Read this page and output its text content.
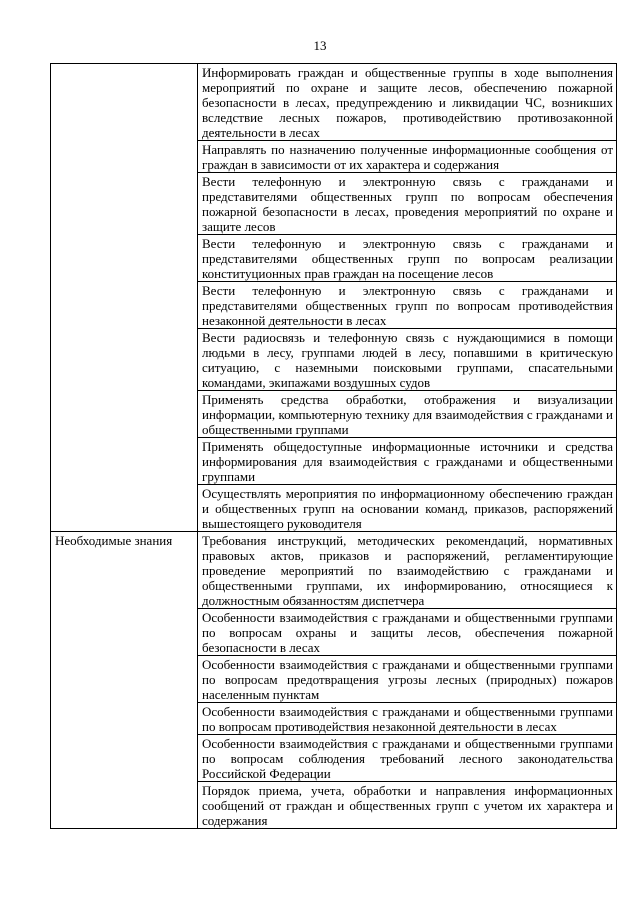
13
	Информировать граждан и общественные группы в ходе выполнения мероприятий по охране и защите лесов, обеспечению пожарной безопасности в лесах, предупреждению и ликвидации ЧС, возникших вследствие лесных пожаров, противодействию противозаконной деятельности в лесах
	Направлять по назначению полученные информационные сообщения от граждан в зависимости от их характера и содержания
	Вести телефонную и электронную связь с гражданами и представителями общественных групп по вопросам обеспечения пожарной безопасности в лесах, проведения мероприятий по охране и защите лесов
	Вести телефонную и электронную связь с гражданами и представителями общественных групп по вопросам реализации конституционных прав граждан на посещение лесов
	Вести телефонную и электронную связь с гражданами и представителями общественных групп по вопросам противодействия незаконной деятельности в лесах
	Вести радиосвязь и телефонную связь с нуждающимися в помощи людьми в лесу, группами людей в лесу, попавшими в критическую ситуацию, с наземными поисковыми группами, спасательными командами, экипажами воздушных судов
	Применять средства обработки, отображения и визуализации информации, компьютерную технику для взаимодействия с гражданами и общественными группами
	Применять общедоступные информационные источники и средства информирования для взаимодействия с гражданами и общественными группами
	Осуществлять мероприятия по информационному обеспечению граждан и общественных групп на основании команд, приказов, распоряжений вышестоящего руководителя
Необходимые знания	Требования инструкций, методических рекомендаций, нормативных правовых актов, приказов и распоряжений, регламентирующие проведение мероприятий по взаимодействию с гражданами и общественными группами, их информированию, относящиеся к должностным обязанностям диспетчера
	Особенности взаимодействия с гражданами и общественными группами по вопросам охраны и защиты лесов, обеспечения пожарной безопасности в лесах
	Особенности взаимодействия с гражданами и общественными группами по вопросам предотвращения угрозы лесных (природных) пожаров населенным пунктам
	Особенности взаимодействия с гражданами и общественными группами по вопросам противодействия незаконной деятельности в лесах
	Особенности взаимодействия с гражданами и общественными группами по вопросам соблюдения требований лесного законодательства Российской Федерации
	Порядок приема, учета, обработки и направления информационных сообщений от граждан и общественных групп с учетом их характера и содержания
